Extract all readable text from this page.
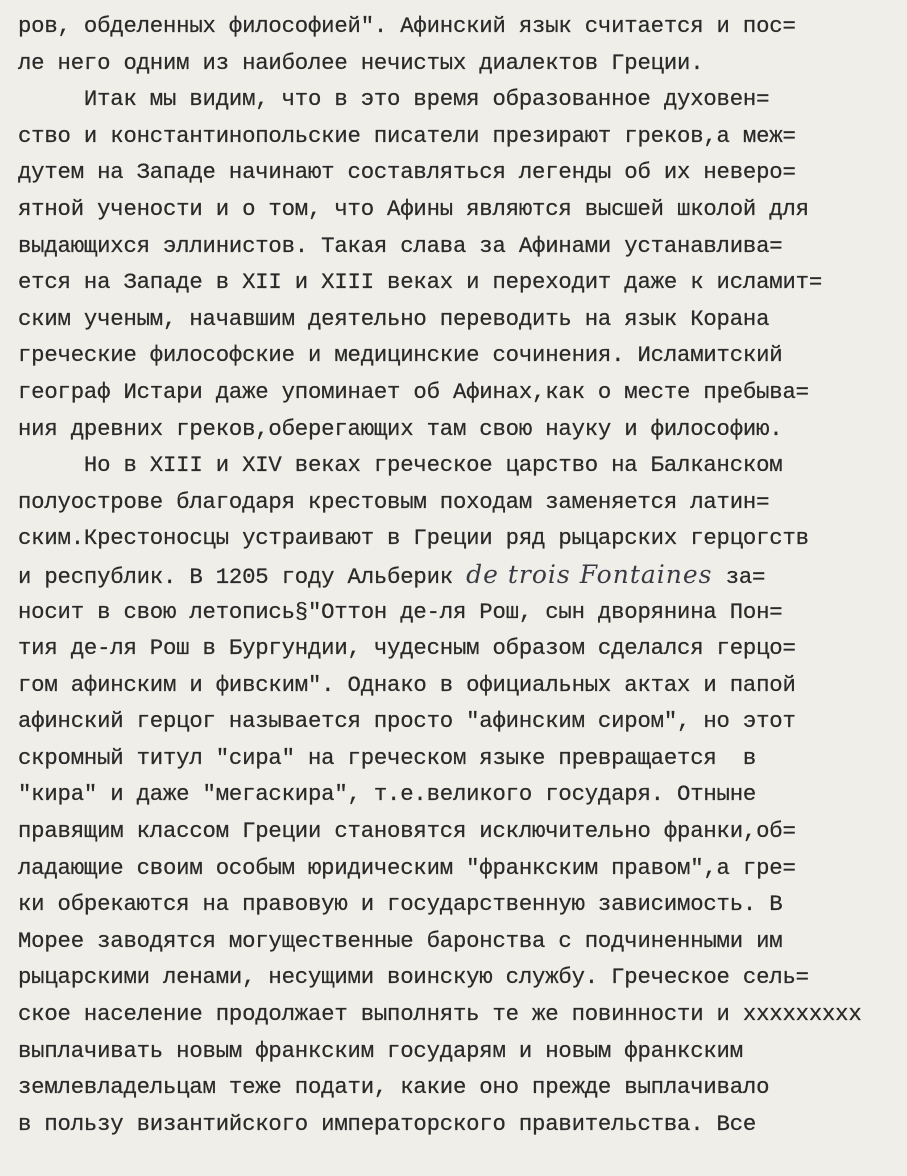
ров, обделенных философией". Афинский язык считается и пос=
ле него одним из наиболее нечистых диалектов Греции.
Итак мы видим, что в это время образованное духовен=
ство и константинопольские писатели презирают греков,а меж=
дутем на Западе начинают составляться легенды об их невеpo=
ятной учености и о том, что Афины являются высшей школой для
выдающихся эллинистов. Такая слава за Афинами устанавлива=
ется на Западе в XII и XIII веках и переходит даже к исламит=
ским ученым, начавшим деятельно переводить на язык Корана
греческие философские и медицинские сочинения. Исламитский
географ Истари даже упоминает об Афинах,как о месте пребыва=
ния древних греков,оберегающих там свою науку и философию.
Но в XIII и XIV веках греческое царство на Балканском
полуострове благодаря крестовым походам заменяется латин=
ским.Крестоносцы устраивают в Греции ряд рыцарских герцогств
и республик. В 1205 году Альберик de trois Fontaines за=
носит в свою летопись§"Оттон де-ля Рош, сын дворянина Пон=
тия де-ля Рош в Бургундии, чудесным образом сделался герцо=
гом афинским и фивским". Однако в официальных актах и папой
афинский герцог называется просто "афинским сиром", но этот
скромный титул "сира" на греческом языке превращается  в
"кира" и даже "мегаскира", т.е.великого государя. Отныне
правящим классом Греции становятся исключительно франки,об=
ладающие своим особым юридическим "франкским правом",а гре=
ки обрекаются на правовую и государственную зависимость. В
Морее заводятся могущественные баронства с подчиненными им
рыцарскими ленами, несущими воинскую службу. Греческое сель=
ское население продолжает выполнять те же повинности и xxxxxxxxx
выплачивать новым франкским государям и новым франкским
землевладельцам теже подати, какие оно прежде выплачивало
в пользу византийского императорского правительства. Все
